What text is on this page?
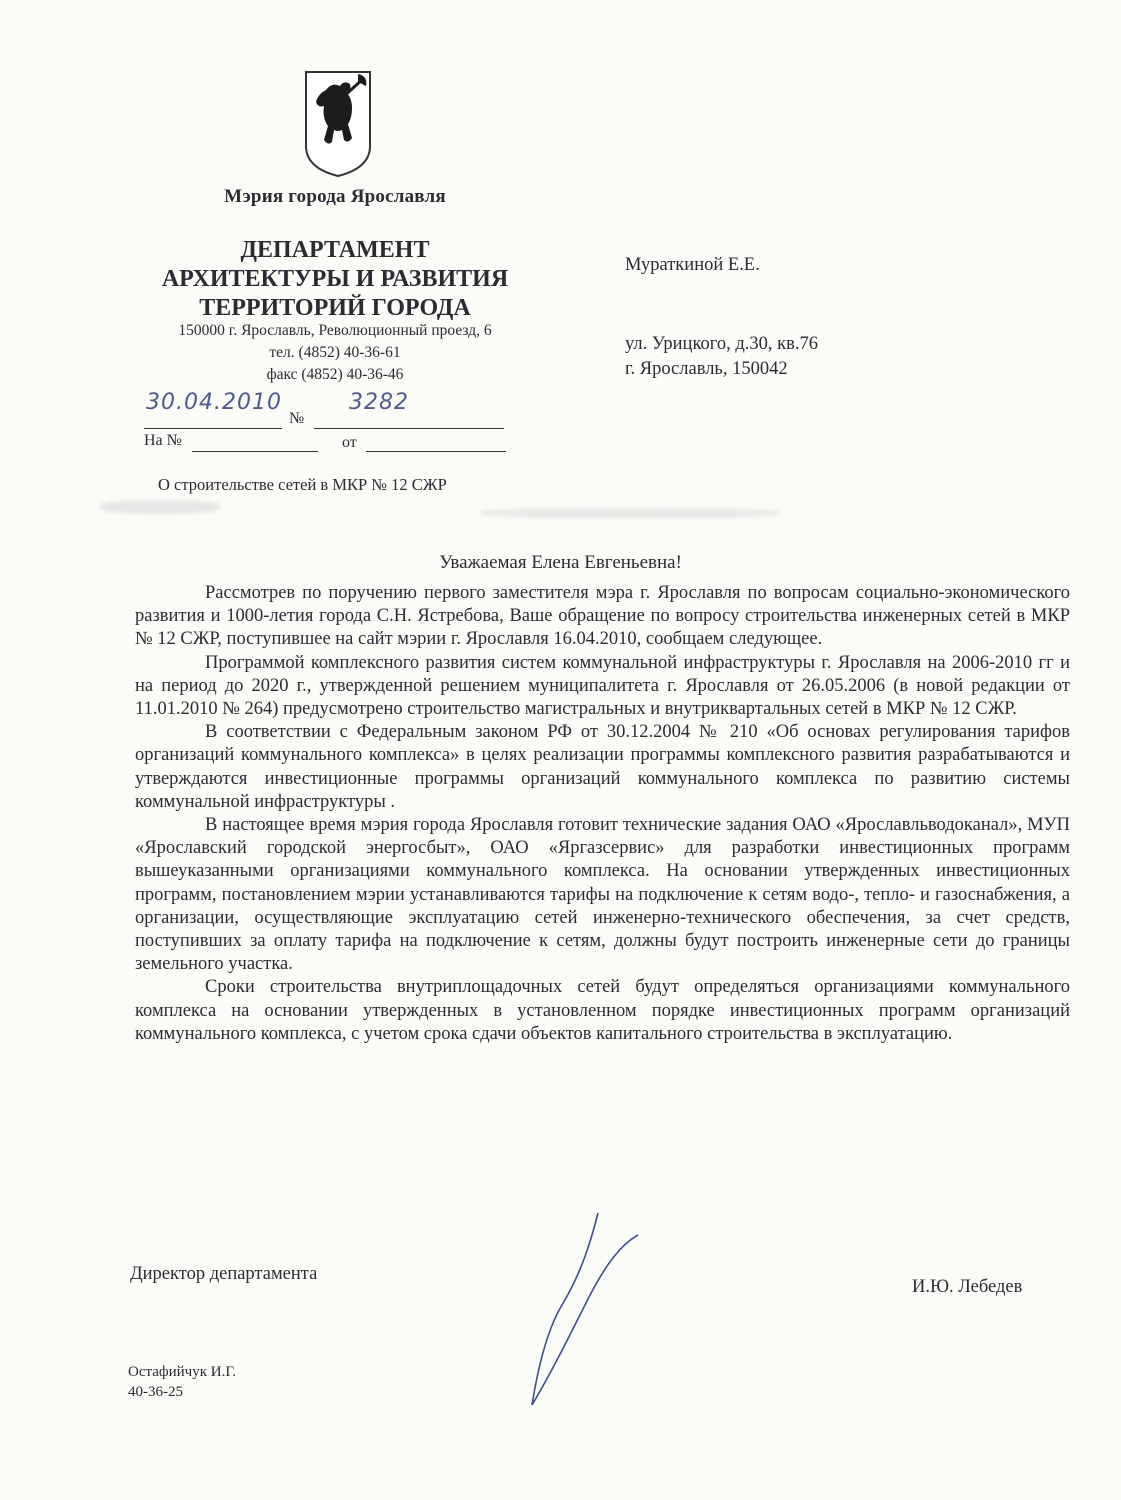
Мэрия города Ярославля
ДЕПАРТАМЕНТ
АРХИТЕКТУРЫ И РАЗВИТИЯ
ТЕРРИТОРИЙ ГОРОДА
150000 г. Ярославль, Революционный проезд, 6
тел. (4852) 40-36-61
факс (4852) 40-36-46
30.04.2010
№
3282
На №	от
О строительстве сетей в МКР № 12 СЖР
Мураткиной Е.Е.
ул. Урицкого, д.30, кв.76
г. Ярославль, 150042
Уважаемая Елена Евгеньевна!

Рассмотрев по поручению первого заместителя мэра г. Ярославля по вопросам социально-экономического развития и 1000-летия города С.Н. Ястребова, Ваше обращение по вопросу строительства инженерных сетей в МКР № 12 СЖР, поступившее на сайт мэрии г. Ярославля 16.04.2010, сообщаем следующее.

Программой комплексного развития систем коммунальной инфраструктуры г. Ярославля на 2006-2010 гг и на период до 2020 г., утвержденной решением муниципалитета г. Ярославля от 26.05.2006 (в новой редакции от 11.01.2010 № 264) предусмотрено строительство магистральных и внутриквартальных сетей в МКР № 12 СЖР.

В соответствии с Федеральным законом РФ от 30.12.2004 № 210 «Об основах регулирования тарифов организаций коммунального комплекса» в целях реализации программы комплексного развития разрабатываются и утверждаются инвестиционные программы организаций коммунального комплекса по развитию системы коммунальной инфраструктуры .

В настоящее время мэрия города Ярославля готовит технические задания ОАО «Ярославльводоканал», МУП «Ярославский городской энергосбыт», ОАО «Яргазсервис» для разработки инвестиционных программ вышеуказанными организациями коммунального комплекса. На основании утвержденных инвестиционных программ, постановлением мэрии устанавливаются тарифы на подключение к сетям водо-, тепло- и газоснабжения, а организации, осуществляющие эксплуатацию сетей инженерно-технического обеспечения, за счет средств, поступивших за оплату тарифа на подключение к сетям, должны будут построить инженерные сети до границы земельного участка.

Сроки строительства внутриплощадочных сетей будут определяться организациями коммунального комплекса на основании утвержденных в установленном порядке инвестиционных программ организаций коммунального комплекса, с учетом срока сдачи объектов капитального строительства в эксплуатацию.

Директор департамента
И.Ю. Лебедев
Остафийчук И.Г.
40-36-25
